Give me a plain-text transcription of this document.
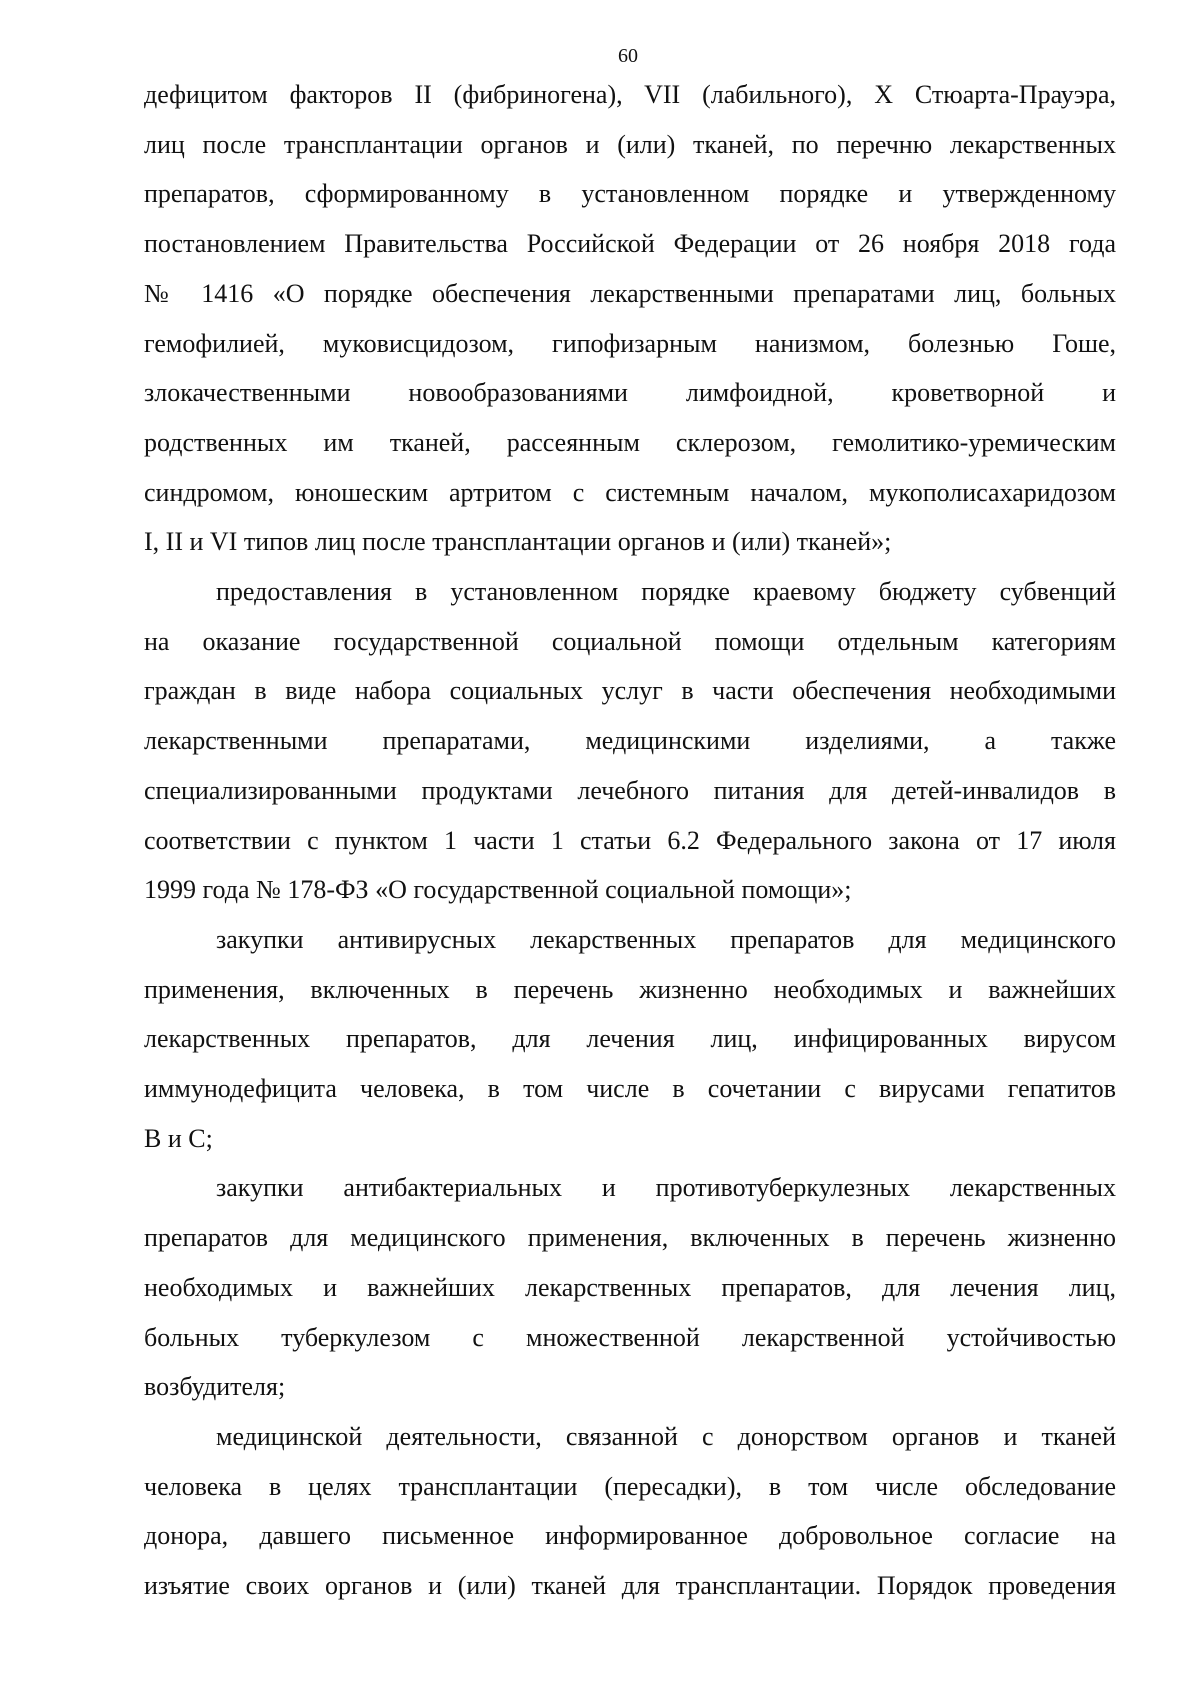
60

дефицитом факторов II (фибриногена), VII (лабильного), X Стюарта-Прауэра,
лиц после трансплантации органов и (или) тканей, по перечню лекарственных
препаратов, сформированному в установленном порядке и утвержденному
постановлением Правительства Российской Федерации от 26 ноября 2018 года
№ 1416 «О порядке обеспечения лекарственными препаратами лиц, больных
гемофилией, муковисцидозом, гипофизарным нанизмом, болезнью Гоше,
злокачественными новообразованиями лимфоидной, кроветворной и
родственных им тканей, рассеянным склерозом, гемолитико-уремическим
синдромом, юношеским артритом с системным началом, мукополисахаридозом
I, II и VI типов лиц после трансплантации органов и (или) тканей»;

предоставления в установленном порядке краевому бюджету субвенций
на оказание государственной социальной помощи отдельным категориям
граждан в виде набора социальных услуг в части обеспечения необходимыми
лекарственными препаратами, медицинскими изделиями, а также
специализированными продуктами лечебного питания для детей-инвалидов в
соответствии с пунктом 1 части 1 статьи 6.2 Федерального закона от 17 июля
1999 года № 178-ФЗ «О государственной социальной помощи»;

закупки антивирусных лекарственных препаратов для медицинского
применения, включенных в перечень жизненно необходимых и важнейших
лекарственных препаратов, для лечения лиц, инфицированных вирусом
иммунодефицита человека, в том числе в сочетании с вирусами гепатитов
В и С;

закупки антибактериальных и противотуберкулезных лекарственных
препаратов для медицинского применения, включенных в перечень жизненно
необходимых и важнейших лекарственных препаратов, для лечения лиц,
больных туберкулезом с множественной лекарственной устойчивостью
возбудителя;

медицинской деятельности, связанной с донорством органов и тканей
человека в целях трансплантации (пересадки), в том числе обследование
донора, давшего письменное информированное добровольное согласие на
изъятие своих органов и (или) тканей для трансплантации. Порядок проведения
